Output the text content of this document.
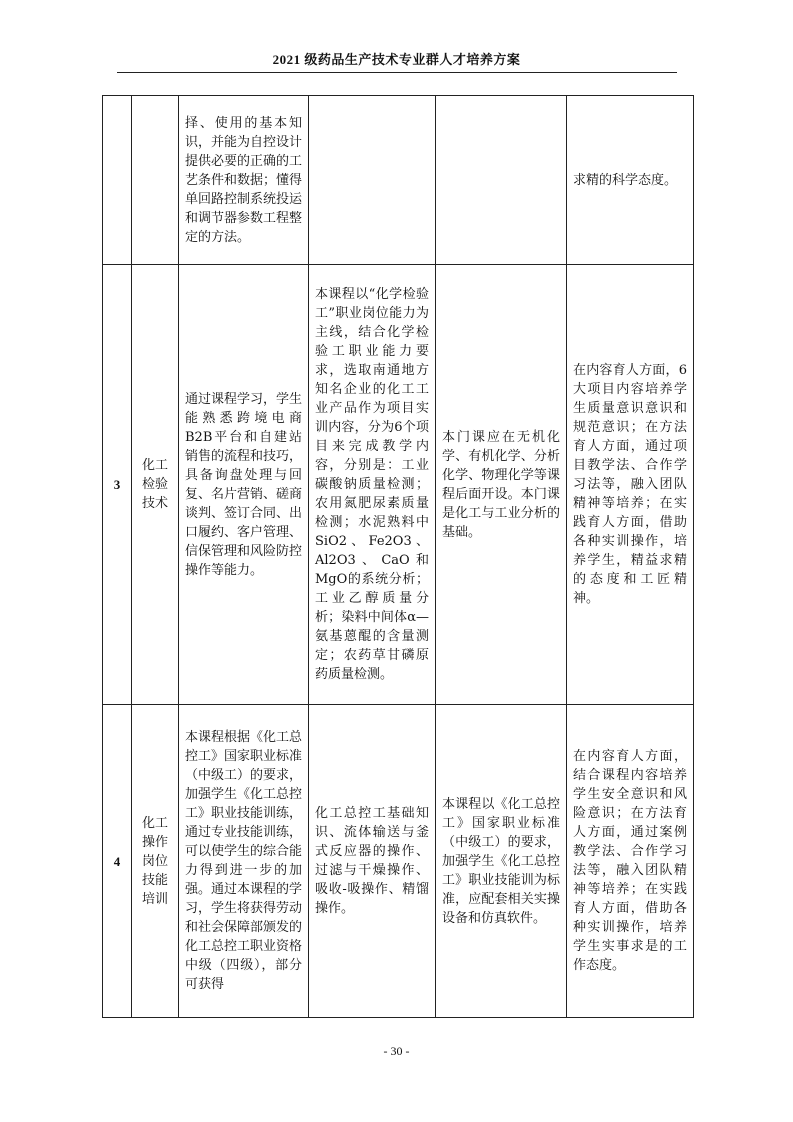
2021 级药品生产技术专业群人才培养方案
		择、使用的基本知识，并能为自控设计提供必要的正确的工艺条件和数据；懂得单回路控制系统投运和调节器参数工程整定的方法。			求精的科学态度。
3	化工检验技术	通过课程学习，学生能熟悉跨境电商B2B平台和自建站销售的流程和技巧，具备询盘处理与回复、名片营销、磋商谈判、签订合同、出口履约、客户管理、信保管理和风险防控操作等能力。	本课程以“化学检验工”职业岗位能力为主线，结合化学检验工职业能力要求，选取南通地方知名企业的化工工业产品作为项目实训内容，分为6个项目来完成教学内容，分别是：工业碳酸钠质量检测；农用氮肥尿素质量检测；水泥熟料中SiO2、Fe2O3、Al2O3、CaO和MgO的系统分析；工业乙醇质量分析；染料中间体α—氨基蒽醌的含量测定；农药草甘磷原药质量检测。	本门课应在无机化学、有机化学、分析化学、物理化学等课程后面开设。本门课是化工与工业分析的基础。	在内容育人方面，6大项目内容培养学生质量意识意识和规范意识；在方法育人方面，通过项目教学法、合作学习法等，融入团队精神等培养；在实践育人方面，借助各种实训操作，培养学生，精益求精的态度和工匠精神。
4	化工操作岗位技能培训	本课程根据《化工总控工》国家职业标准（中级工）的要求，加强学生《化工总控工》职业技能训练，通过专业技能训练，可以使学生的综合能力得到进一步的加强。通过本课程的学习，学生将获得劳动和社会保障部颁发的化工总控工职业资格中级（四级），部分可获得	化工总控工基础知识、流体输送与釜式反应器的操作、过滤与干燥操作、吸收-吸操作、精馏操作。	本课程以《化工总控工》国家职业标准（中级工）的要求，加强学生《化工总控工》职业技能训为标准，应配套相关实操设备和仿真软件。	在内容育人方面，结合课程内容培养学生安全意识和风险意识；在方法育人方面，通过案例教学法、合作学习法等，融入团队精神等培养；在实践育人方面，借助各种实训操作，培养学生实事求是的工作态度。
- 30 -
